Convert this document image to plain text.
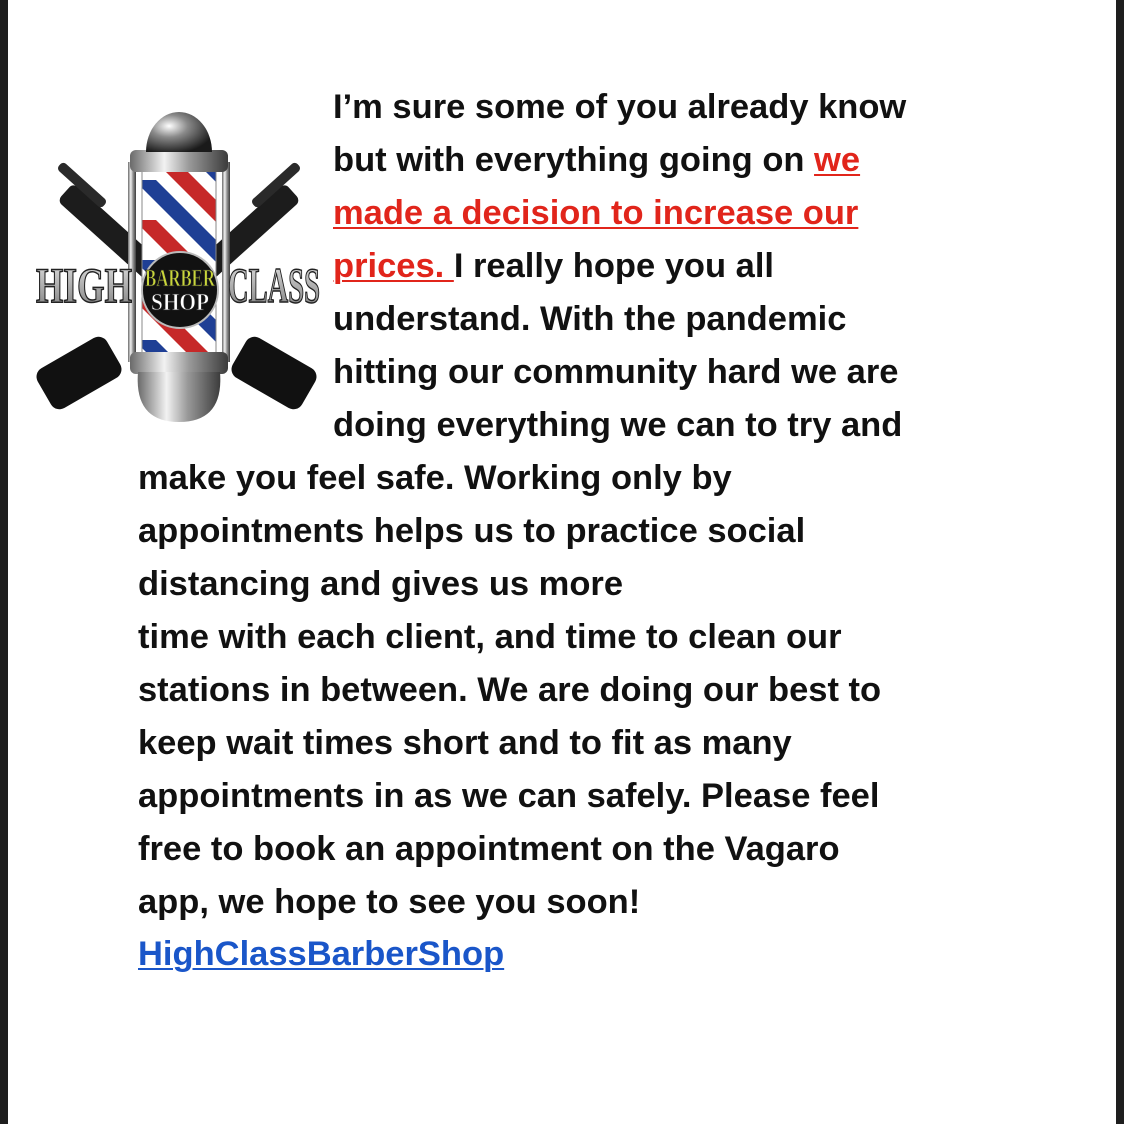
HIGH CLASS
BARBER
SHOP

I’m sure some of you already know

but with everything going on we

made a decision to increase our

prices. I really hope you all

understand. With the pandemic

hitting our community hard we are

doing everything we can to try and

make you feel safe. Working only by

appointments helps us to practice social

distancing and gives us more

time with each client, and time to clean our

stations in between. We are doing our best to

keep wait times short and to fit as many

appointments in as we can safely. Please feel

free to book an appointment on the Vagaro

app, we hope to see you soon!

HighClassBarberShop
